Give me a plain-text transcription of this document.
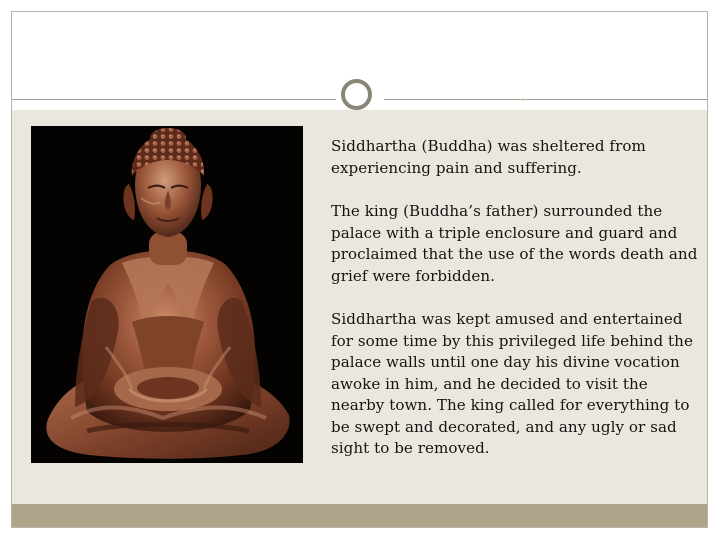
Siddhartha (Buddha) was sheltered from experiencing pain and suffering.

The king (Buddha’s father) surrounded the palace with a triple enclosure and guard and proclaimed that the use of the words death and grief were forbidden.

Siddhartha was kept amused and entertained for some time by this privileged life behind the palace walls until one day his divine vocation awoke in him, and he decided to visit the nearby town. The king called for everything to be swept and decorated, and any ugly or sad sight to be removed.
